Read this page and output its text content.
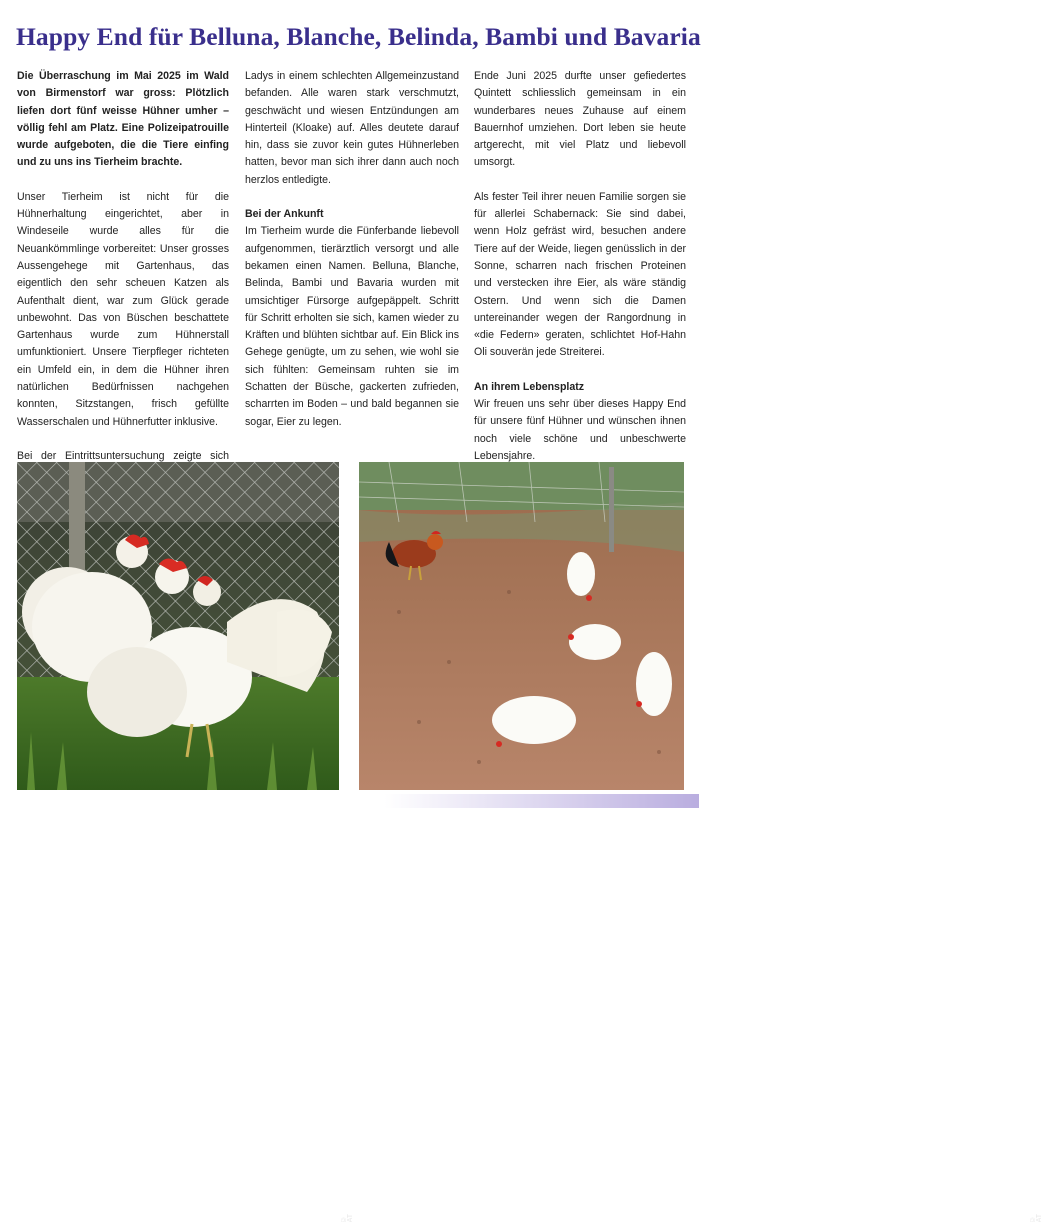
Happy End für Belluna, Blanche, Belinda, Bambi und Bavaria

Die Überraschung im Mai 2025 im Wald von Birmenstorf war gross: Plötzlich liefen dort fünf weisse Hühner umher – völlig fehl am Platz. Eine Polizeipatrouille wurde aufgeboten, die die Tiere einfing und zu uns ins Tierheim brachte.

Unser Tierheim ist nicht für die Hühnerhaltung eingerichtet, aber in Windeseile wurde alles für die Neuankömmlinge vorbereitet: Unser grosses Aussengehege mit Gartenhaus, das eigentlich den sehr scheuen Katzen als Aufenthalt dient, war zum Glück gerade unbewohnt. Das von Büschen beschattete Gartenhaus wurde zum Hühnerstall umfunktioniert. Unsere Tierpfleger richteten ein Umfeld ein, in dem die Hühner ihren natürlichen Bedürfnissen nachgehen konnten, Sitzstangen, frisch gefüllte Wasserschalen und Hühnerfutter inklusive.

Bei der Eintrittsuntersuchung zeigte sich

Ladys in einem schlechten Allgemeinzustand befanden. Alle waren stark verschmutzt, geschwächt und wiesen Entzündungen am Hinterteil (Kloake) auf. Alles deutete darauf hin, dass sie zuvor kein gutes Hühnerleben hatten, bevor man sich ihrer dann auch noch herzlos entledigte.

Bei der Ankunft

Im Tierheim wurde die Fünferbande liebevoll aufgenommen, tierärztlich versorgt und alle bekamen einen Namen. Belluna, Blanche, Belinda, Bambi und Bavaria wurden mit umsichtiger Fürsorge aufgepäppelt. Schritt für Schritt erholten sie sich, kamen wieder zu Kräften und blühten sichtbar auf. Ein Blick ins Gehege genügte, um zu sehen, wie wohl sie sich fühlten: Gemeinsam ruhten sie im Schatten der Büsche, gackerten zufrieden, scharrten im Boden – und bald begannen sie sogar, Eier zu legen.

Ende Juni 2025 durfte unser gefiedertes Quintett schliesslich gemeinsam in ein wunderbares neues Zuhause auf einem Bauernhof umziehen. Dort leben sie heute artgerecht, mit viel Platz und liebevoll umsorgt.

Als fester Teil ihrer neuen Familie sorgen sie für allerlei Schabernack: Sie sind dabei, wenn Holz gefräst wird, besuchen andere Tiere auf der Weide, liegen genüsslich in der Sonne, scharren nach frischen Proteinen und verstecken ihre Eier, als wäre ständig Ostern. Und wenn sich die Damen untereinander wegen der Rangordnung in «die Federn» geraten, schlichtet Hof-Hahn Oli souverän jede Streiterei.

An ihrem Lebensplatz

Wir freuen uns sehr über dieses Happy End für unsere fünf Hühner und wünschen ihnen noch viele schöne und unbeschwerte Lebensjahre.

© AT	© AT
